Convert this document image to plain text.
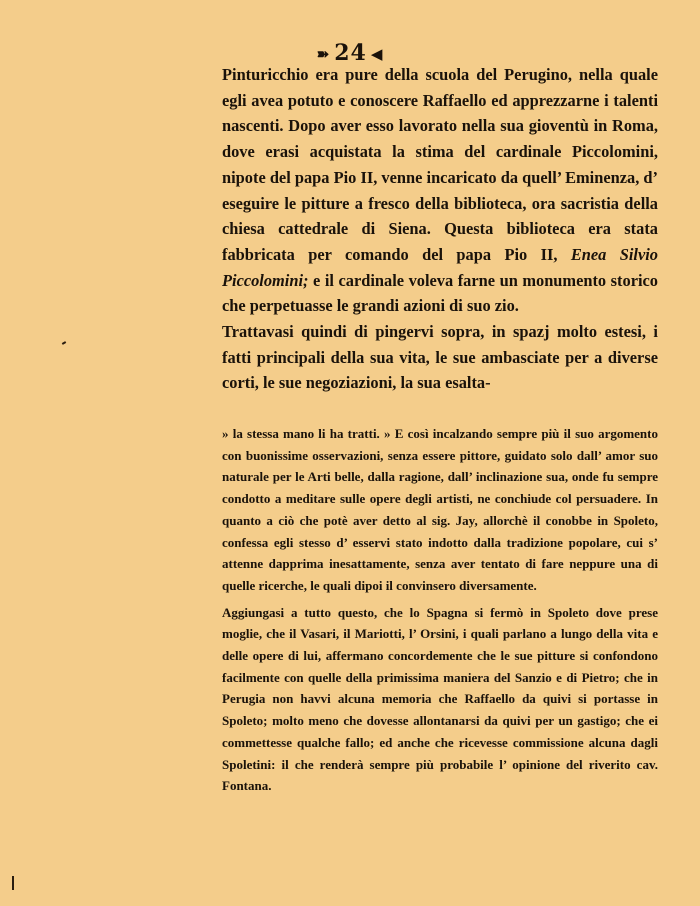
➽ 24 ◀

Pinturicchio era pure della scuola del Perugino, nella quale egli avea potuto e conoscere Raffaello ed apprezzarne i talenti nascenti. Dopo aver esso lavorato nella sua gioventù in Roma, dove erasi acquistata la stima del cardinale Piccolomini, nipote del papa Pio II, venne incaricato da quell’ Eminenza, d’ eseguire le pitture a fresco della biblioteca, ora sacristia della chiesa cattedrale di Siena. Questa biblioteca era stata fabbricata per comando del papa Pio II, Enea Silvio Piccolomini; e il cardinale voleva farne un monumento storico che perpetuasse le grandi azioni di suo zio.

Trattavasi quindi di pingervi sopra, in spazj molto estesi, i fatti principali della sua vita, le sue ambasciate per a diverse corti, le sue negoziazioni, la sua esalta-

» la stessa mano li ha tratti. » E così incalzando sempre più il suo argomento con buonissime osservazioni, senza essere pittore, guidato solo dall’ amor suo naturale per le Arti belle, dalla ragione, dall’ inclinazione sua, onde fu sempre condotto a meditare sulle opere degli artisti, ne conchiude col persuadere. In quanto a ciò che potè aver detto al sig. Jay, allorchè il conobbe in Spoleto, confessa egli stesso d’ esservi stato indotto dalla tradizione popolare, cui s’ attenne dapprima inesattamente, senza aver tentato di fare neppure una di quelle ricerche, le quali dipoi il convinsero diversamente.

Aggiungasi a tutto questo, che lo Spagna si fermò in Spoleto dove prese moglie, che il Vasari, il Mariotti, l’ Orsini, i quali parlano a lungo della vita e delle opere di lui, affermano concordemente che le sue pitture si confondono facilmente con quelle della primissima maniera del Sanzio e di Pietro; che in Perugia non havvi alcuna memoria che Raffaello da quivi si portasse in Spoleto; molto meno che dovesse allontanarsi da quivi per un gastigo; che ei commettesse qualche fallo; ed anche che ricevesse commissione alcuna dagli Spoletini: il che renderà sempre più probabile l’ opinione del riverito cav. Fontana.
